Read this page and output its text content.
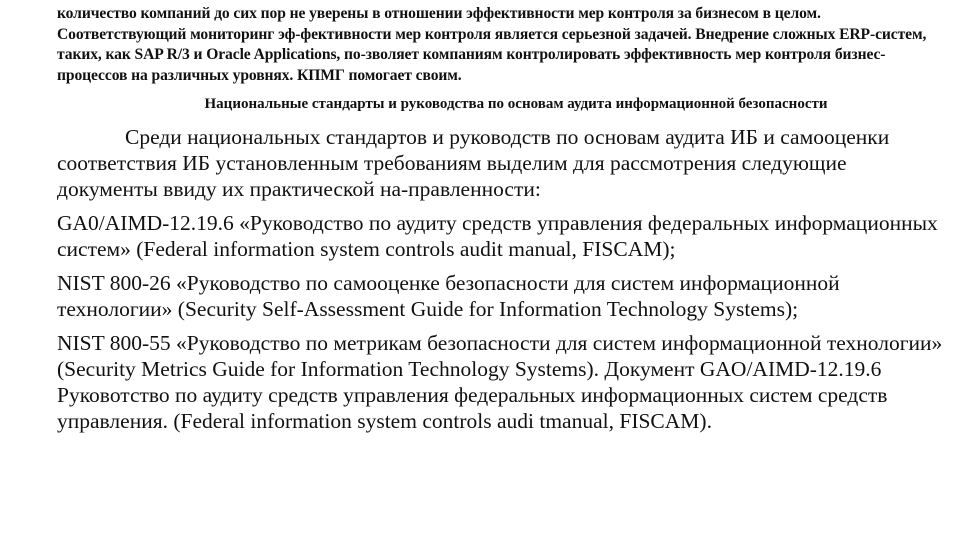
количество компаний до сих пор не уверены в отношении эффективности мер контроля за бизнесом в целом. Соответствующий мониторинг эф-фективности мер контроля является серьезной задачей. Внедрение сложных ERP-систем, таких, как SAP R/3 и Oracle Applications, по-зволяет компаниям контролировать эффективность мер контроля бизнес-процессов на различных уровнях. КПМГ помогает своим.

Национальные стандарты и руководства по основам аудита информационной безопасности

Среди национальных стандартов и руководств по основам аудита ИБ и самооценки соответствия ИБ установленным требованиям выделим для рассмотрения следующие документы ввиду их практической на-правленности:

GA0/AIMD-12.19.6 «Руководство по аудиту средств управления федеральных информационных систем» (Federal information system controls audit manual, FISCAM);

NIST 800-26 «Руководство по самооценке безопасности для систем информационной технологии» (Security Self-Assessment Guide for Information Technology Systems);

NIST 800-55 «Руководство по метрикам безопасности для систем информационной технологии» (Security Metrics Guide for Information Technology Systems). Документ GAO/AIMD-12.19.6 Руковотство по аудиту средств управления федеральных информационных систем средств управления. (Federal information system controls audi tmanual, FISCAM).
